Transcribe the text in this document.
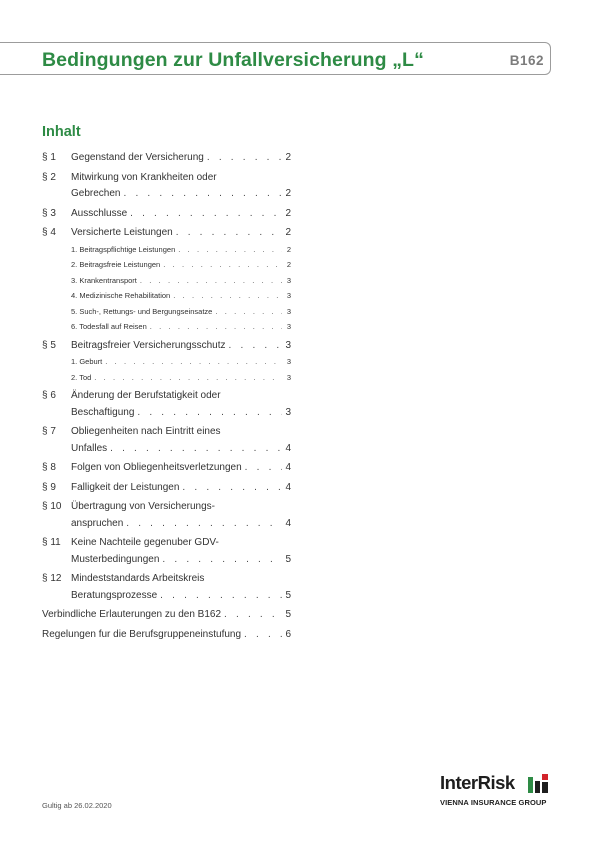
Bedingungen zur Unfallversicherung „L“	B162
Inhalt
§ 1	Gegenstand der Versicherung . . .	2
§ 2	Mitwirkung von Krankheiten oder
Gebrechen . . .	2
§ 3	Ausschlusse . . .	2
§ 4	Versicherte Leistungen . . .	2
1. Beitragspflichtige Leistungen . . .	2
2. Beitragsfreie Leistungen . . .	2
3. Krankentransport . . .	3
4. Medizinische Rehabilitation . . .	3
5. Such-, Rettungs- und Bergungseinsatze . . .	3
6. Todesfall auf Reisen . . .	3
§ 5	Beitragsfreier Versicherungsschutz . . .	3
1. Geburt . . .	3
2. Tod . . .	3
§ 6	Änderung der Berufstatigkeit oder
Beschaftigung . . .	3
§ 7	Obliegenheiten nach Eintritt eines
Unfalles . . .	4
§ 8	Folgen von Obliegenheitsverletzungen . . .	4
§ 9	Falligkeit der Leistungen . . .	4
§ 10 Übertragung von Versicherungs-
anspruchen . . .	4
§ 11	Keine Nachteile gegenuber GDV-
Musterbedingungen . . .	5
§ 12 Mindeststandards Arbeitskreis
Beratungsprozesse . . .	5
Verbindliche Erlauterungen zu den B162 . . .	5
Regelungen fur die Berufsgruppeneinstufung . . .	6
Gultig ab 26.02.2020
InterRisk
VIENNA INSURANCE GROUP
